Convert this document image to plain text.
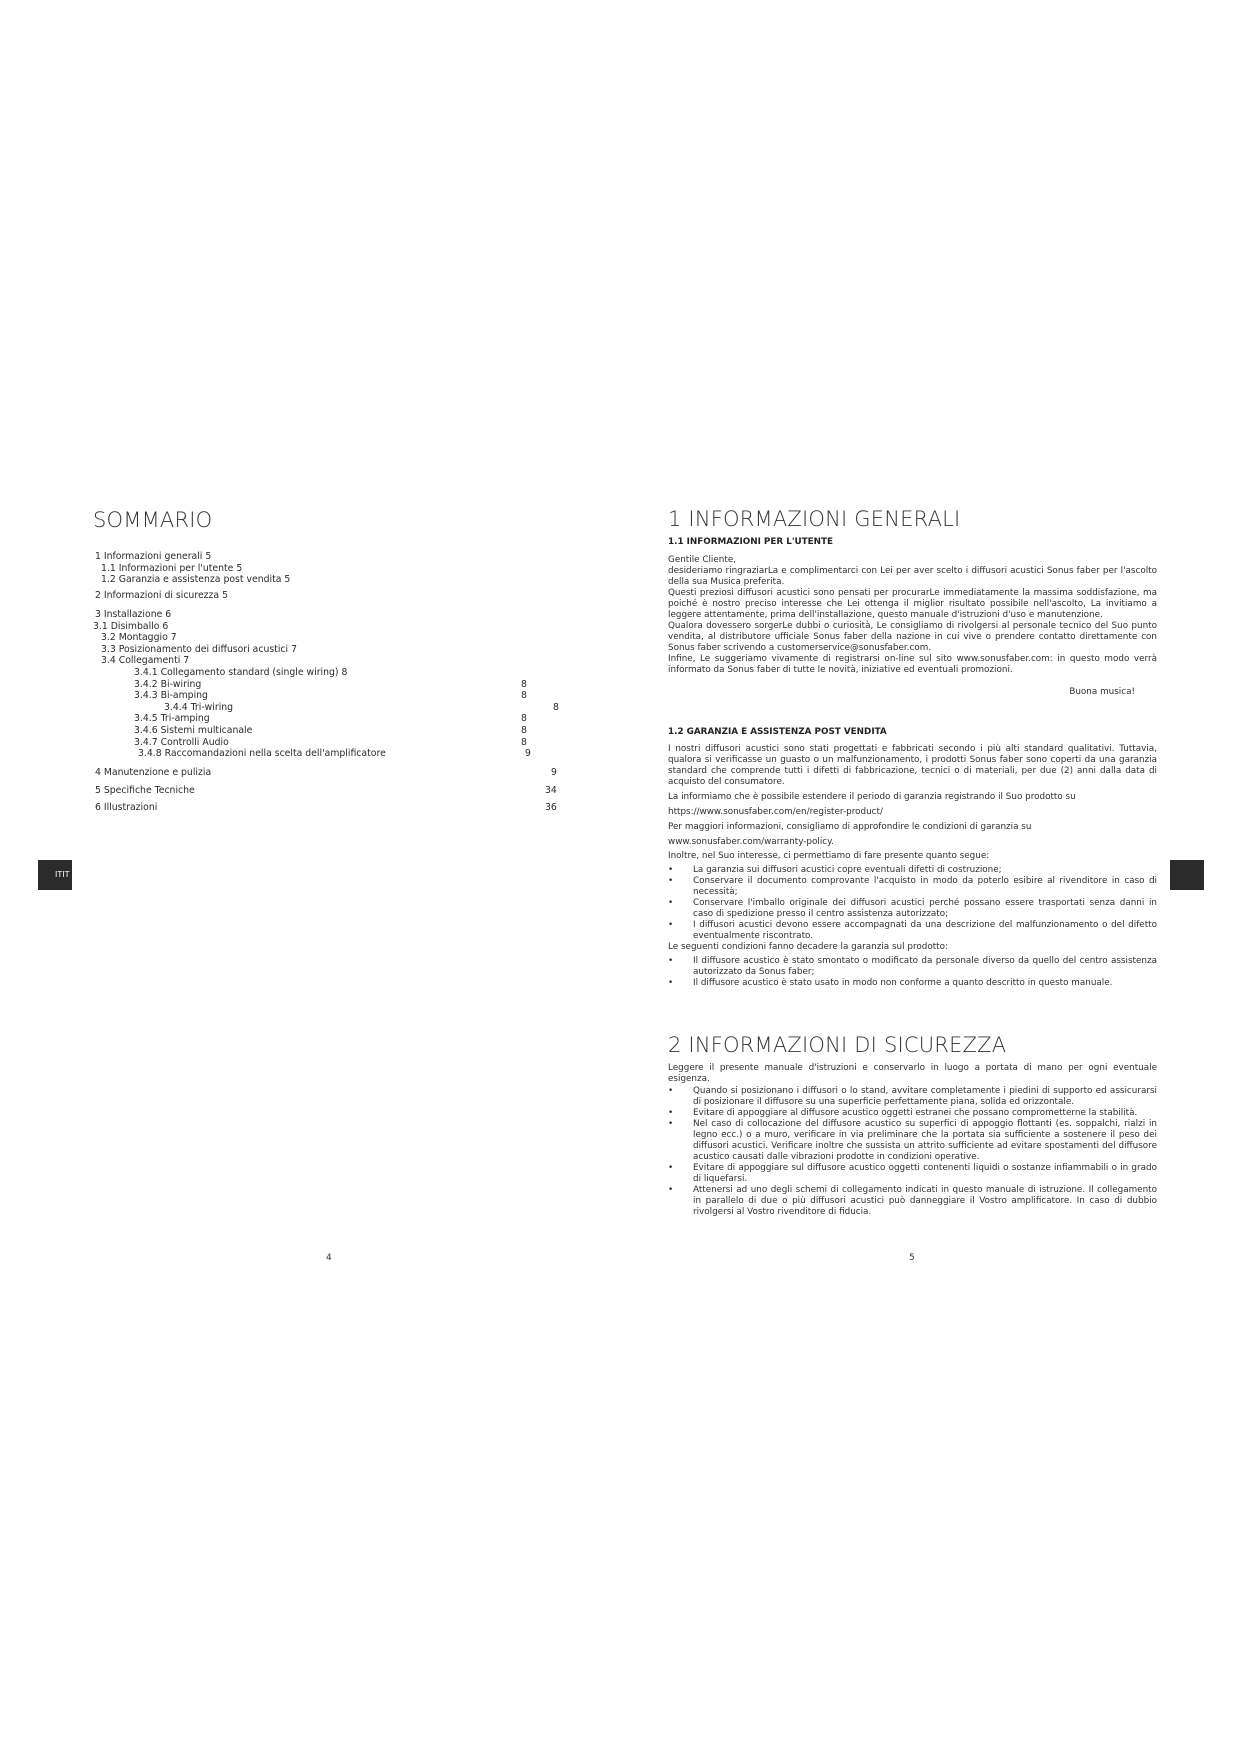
SOMMARIO
1 Informazioni generali 5
1.1 Informazioni per l'utente 5
1.2 Garanzia e assistenza post vendita 5
2 Informazioni di sicurezza 5
3 Installazione 6
3.1 Disimballo 6
3.2 Montaggio 7
3.3 Posizionamento dei diffusori acustici 7
3.4 Collegamenti 7
3.4.1 Collegamento standard (single wiring) 8
3.4.2 Bi-wiring	8
3.4.3 Bi-amping	8
3.4.4 Tri-wiring	8
3.4.5 Tri-amping	8
3.4.6 Sistemi multicanale	8
3.4.7 Controlli Audio	8
3.4.8 Raccomandazioni nella scelta dell'amplificatore	9
4 Manutenzione e pulizia	9
5 Specifiche Tecniche	34
6 Illustrazioni	36
ITIT
4
1 INFORMAZIONI GENERALI
1.1 INFORMAZIONI PER L'UTENTE

Gentile Cliente,

desideriamo ringraziarLa e complimentarci con Lei per aver scelto i diffusori acustici Sonus faber per l'ascolto della sua Musica preferita.

Questi preziosi diffusori acustici sono pensati per procurarLe immediatamente la massima soddisfazione, ma poiché è nostro preciso interesse che Lei ottenga il miglior risultato possibile nell'ascolto, La invitiamo a leggere attentamente, prima dell'installazione, questo manuale d'istruzioni d'uso e manutenzione.

Qualora dovessero sorgerLe dubbi o curiosità, Le consigliamo di rivolgersi al personale tecnico del Suo punto vendita, al distributore ufficiale Sonus faber della nazione in cui vive o prendere contatto direttamente con Sonus faber scrivendo a customerservice@sonusfaber.com.

Infine, Le suggeriamo vivamente di registrarsi on-line sul sito www.sonusfaber.com: in questo modo verrà informato da Sonus faber di tutte le novità, iniziative ed eventuali promozioni.

Buona musica!

1.2 GARANZIA E ASSISTENZA POST VENDITA

I nostri diffusori acustici sono stati progettati e fabbricati secondo i più alti standard qualitativi. Tuttavia, qualora si verificasse un guasto o un malfunzionamento, i prodotti Sonus faber sono coperti da una garanzia standard che comprende tutti i difetti di fabbricazione, tecnici o di materiali, per due (2) anni dalla data di acquisto del consumatore.

La informiamo che è possibile estendere il periodo di garanzia registrando il Suo prodotto su

https://www.sonusfaber.com/en/register-product/

Per maggiori informazioni, consigliamo di approfondire le condizioni di garanzia su

www.sonusfaber.com/warranty-policy.

Inoltre, nel Suo interesse, ci permettiamo di fare presente quanto segue:

• La garanzia sui diffusori acustici copre eventuali difetti di costruzione;

• Conservare il documento comprovante l'acquisto in modo da poterlo esibire al rivenditore in caso di necessità;

• Conservare l'imballo originale dei diffusori acustici perché possano essere trasportati senza danni in caso di spedizione presso il centro assistenza autorizzato;

• I diffusori acustici devono essere accompagnati da una descrizione del malfunzionamento o del difetto eventualmente riscontrato.

Le seguenti condizioni fanno decadere la garanzia sul prodotto:

• Il diffusore acustico è stato smontato o modificato da personale diverso da quello del centro assistenza autorizzato da Sonus faber;

• Il diffusore acustico è stato usato in modo non conforme a quanto descritto in questo manuale.

2 INFORMAZIONI DI SICUREZZA

Leggere il presente manuale d'istruzioni e conservarlo in luogo a portata di mano per ogni eventuale esigenza.

• Quando si posizionano i diffusori o lo stand, avvitare completamente i piedini di supporto ed assicurarsi di posizionare il diffusore su una superficie perfettamente piana, solida ed orizzontale.

• Evitare di appoggiare al diffusore acustico oggetti estranei che possano comprometterne la stabilità.

• Nel caso di collocazione del diffusore acustico su superfici di appoggio flottanti (es. soppalchi, rialzi in legno ecc.) o a muro, verificare in via preliminare che la portata sia sufficiente a sostenere il peso dei diffusori acustici. Verificare inoltre che sussista un attrito sufficiente ad evitare spostamenti del diffusore acustico causati dalle vibrazioni prodotte in condizioni operative.

• Evitare di appoggiare sul diffusore acustico oggetti contenenti liquidi o sostanze infiammabili o in grado di liquefarsi.

• Attenersi ad uno degli schemi di collegamento indicati in questo manuale di istruzione. Il collegamento in parallelo di due o più diffusori acustici può danneggiare il Vostro amplificatore. In caso di dubbio rivolgersi al Vostro rivenditore di fiducia.

5
